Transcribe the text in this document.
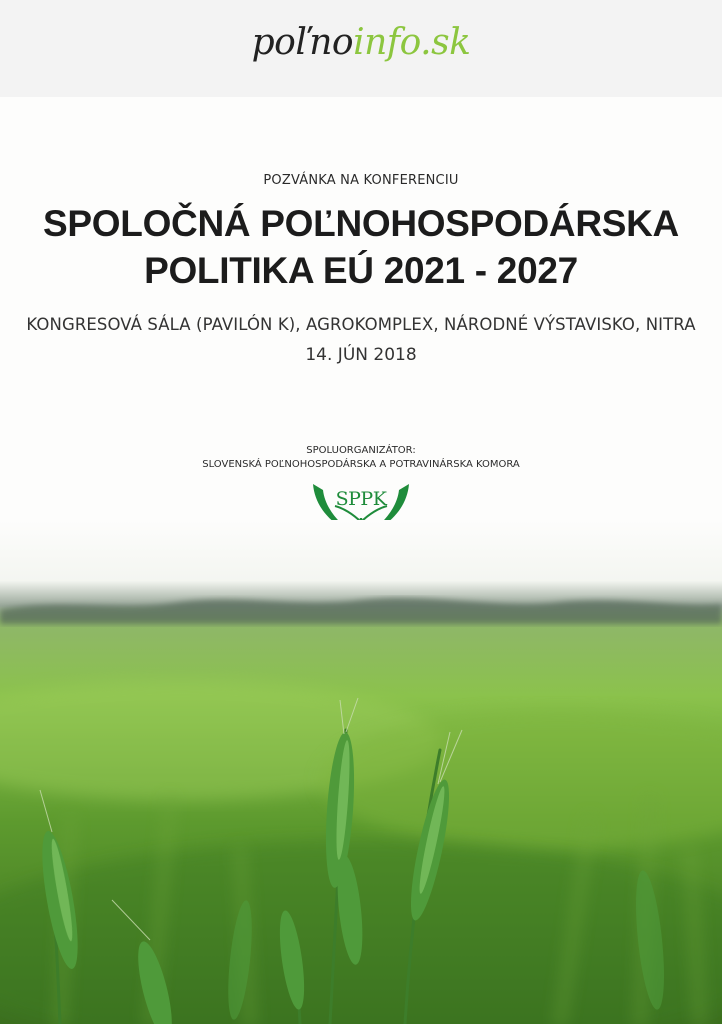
poľnoinfo.sk
POZVÁNKA NA KONFERENCIU
SPOLOČNÁ POĽNOHOSPODÁRSKA
POLITIKA EÚ 2021 - 2027
KONGRESOVÁ SÁLA (PAVILÓN K), AGROKOMPLEX, NÁRODNÉ VÝSTAVISKO, NITRA
14. JÚN 2018
SPOLUORGANIZÁTOR:
SLOVENSKÁ POĽNOHOSPODÁRSKA A POTRAVINÁRSKA KOMORA
SPPK
